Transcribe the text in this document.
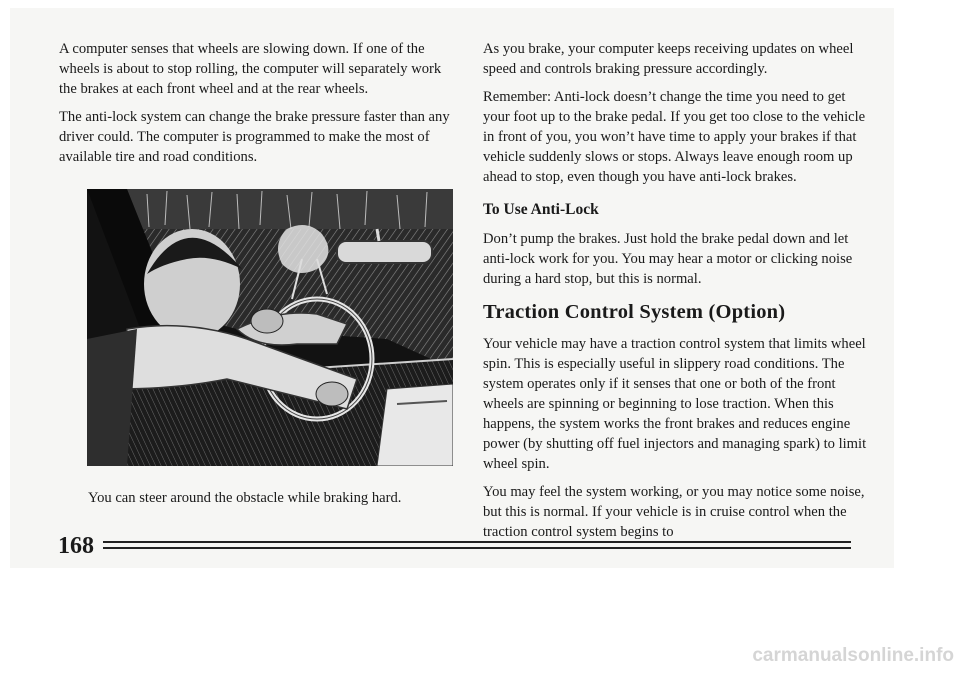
A computer senses that wheels are slowing down. If one of the wheels is about to stop rolling, the computer will separately work the brakes at each front wheel and at the rear wheels.

The anti-lock system can change the brake pressure faster than any driver could. The computer is programmed to make the most of available tire and road conditions.

As you brake, your computer keeps receiving updates on wheel speed and controls braking pressure accordingly.

Remember: Anti-lock doesn’t change the time you need to get your foot up to the brake pedal. If you get too close to the vehicle in front of you, you won’t have time to apply your brakes if that vehicle suddenly slows or stops. Always leave enough room up ahead to stop, even though you have anti-lock brakes.

To Use Anti-Lock

Don’t pump the brakes. Just hold the brake pedal down and let anti-lock work for you. You may hear a motor or clicking noise during a hard stop, but this is normal.

Traction Control System (Option)

Your vehicle may have a traction control system that limits wheel spin. This is especially useful in slippery road conditions. The system operates only if it senses that one or both of the front wheels are spinning or beginning to lose traction. When this happens, the system works the front brakes and reduces engine power (by shutting off fuel injectors and managing spark) to limit wheel spin.

You may feel the system working, or you may notice some noise, but this is normal. If your vehicle is in cruise control when the traction control system begins to

You can steer around the obstacle while braking hard.

168

carmanualsonline.info
